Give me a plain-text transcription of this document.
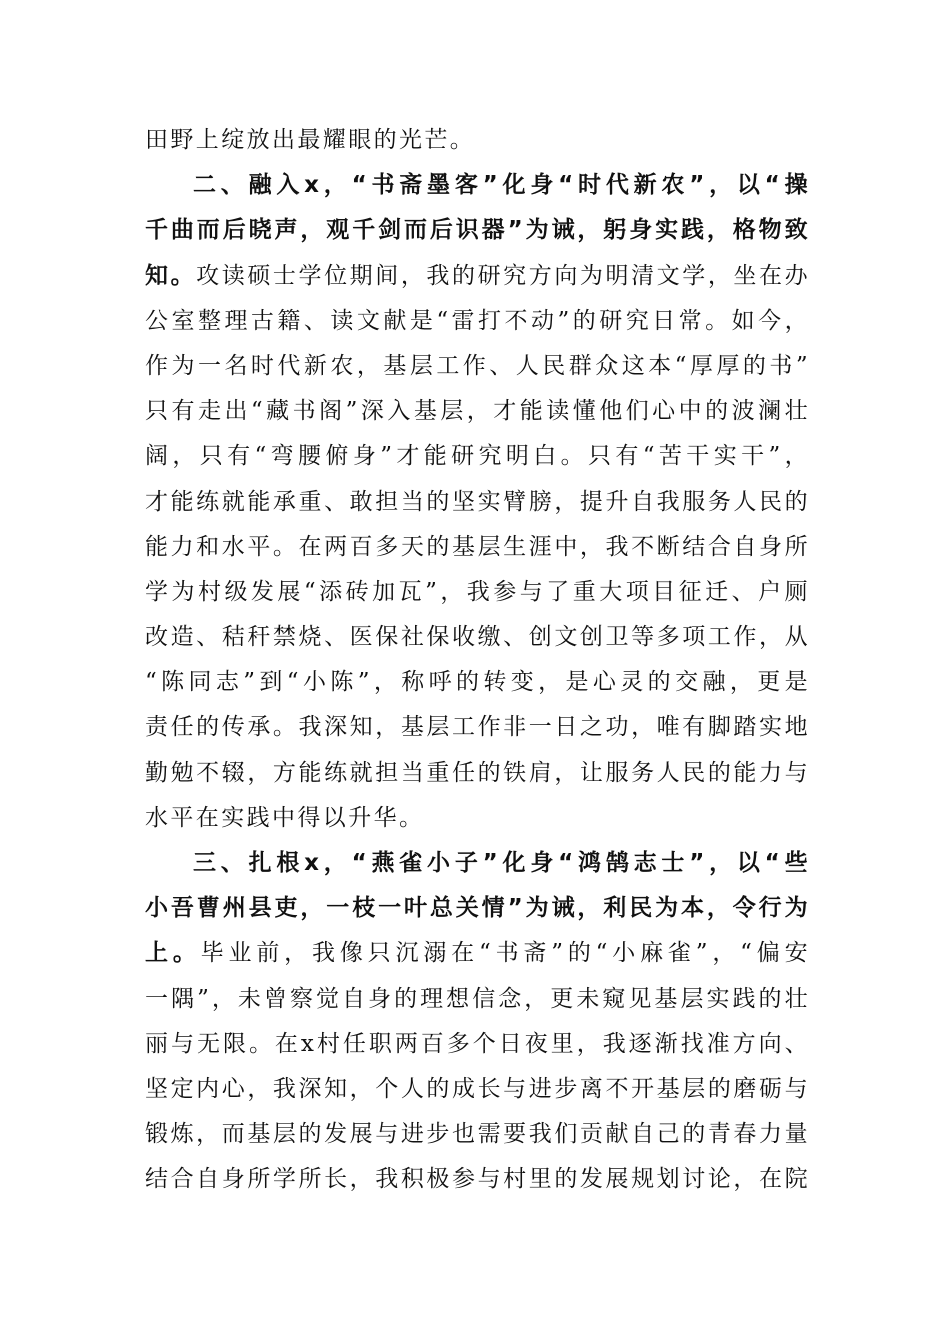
田野上绽放出最耀眼的光芒。
二、融入x，“书斋墨客”化身“时代新农”，以“操
千曲而后晓声，观千剑而后识器”为诫，躬身实践，格物致
知。攻读硕士学位期间，我的研究方向为明清文学，坐在办
公室整理古籍、读文献是“雷打不动”的研究日常。如今，
作为一名时代新农，基层工作、人民群众这本“厚厚的书”
只有走出“藏书阁”深入基层，才能读懂他们心中的波澜壮
阔，只有“弯腰俯身”才能研究明白。只有“苦干实干”，
才能练就能承重、敢担当的坚实臂膀，提升自我服务人民的
能力和水平。在两百多天的基层生涯中，我不断结合自身所
学为村级发展“添砖加瓦”，我参与了重大项目征迁、户厕
改造、秸秆禁烧、医保社保收缴、创文创卫等多项工作，从
“陈同志”到“小陈”，称呼的转变，是心灵的交融，更是
责任的传承。我深知，基层工作非一日之功，唯有脚踏实地
勤勉不辍，方能练就担当重任的铁肩，让服务人民的能力与
水平在实践中得以升华。
三、扎根x，“燕雀小子”化身“鸿鹄志士”，以“些
小吾曹州县吏，一枝一叶总关情”为诫，利民为本，令行为
上。毕业前，我像只沉溺在“书斋”的“小麻雀”，“偏安
一隅”，未曾察觉自身的理想信念，更未窥见基层实践的壮
丽与无限。在x村任职两百多个日夜里，我逐渐找准方向、
坚定内心，我深知，个人的成长与进步离不开基层的磨砺与
锻炼，而基层的发展与进步也需要我们贡献自己的青春力量
结合自身所学所长，我积极参与村里的发展规划讨论，在院
